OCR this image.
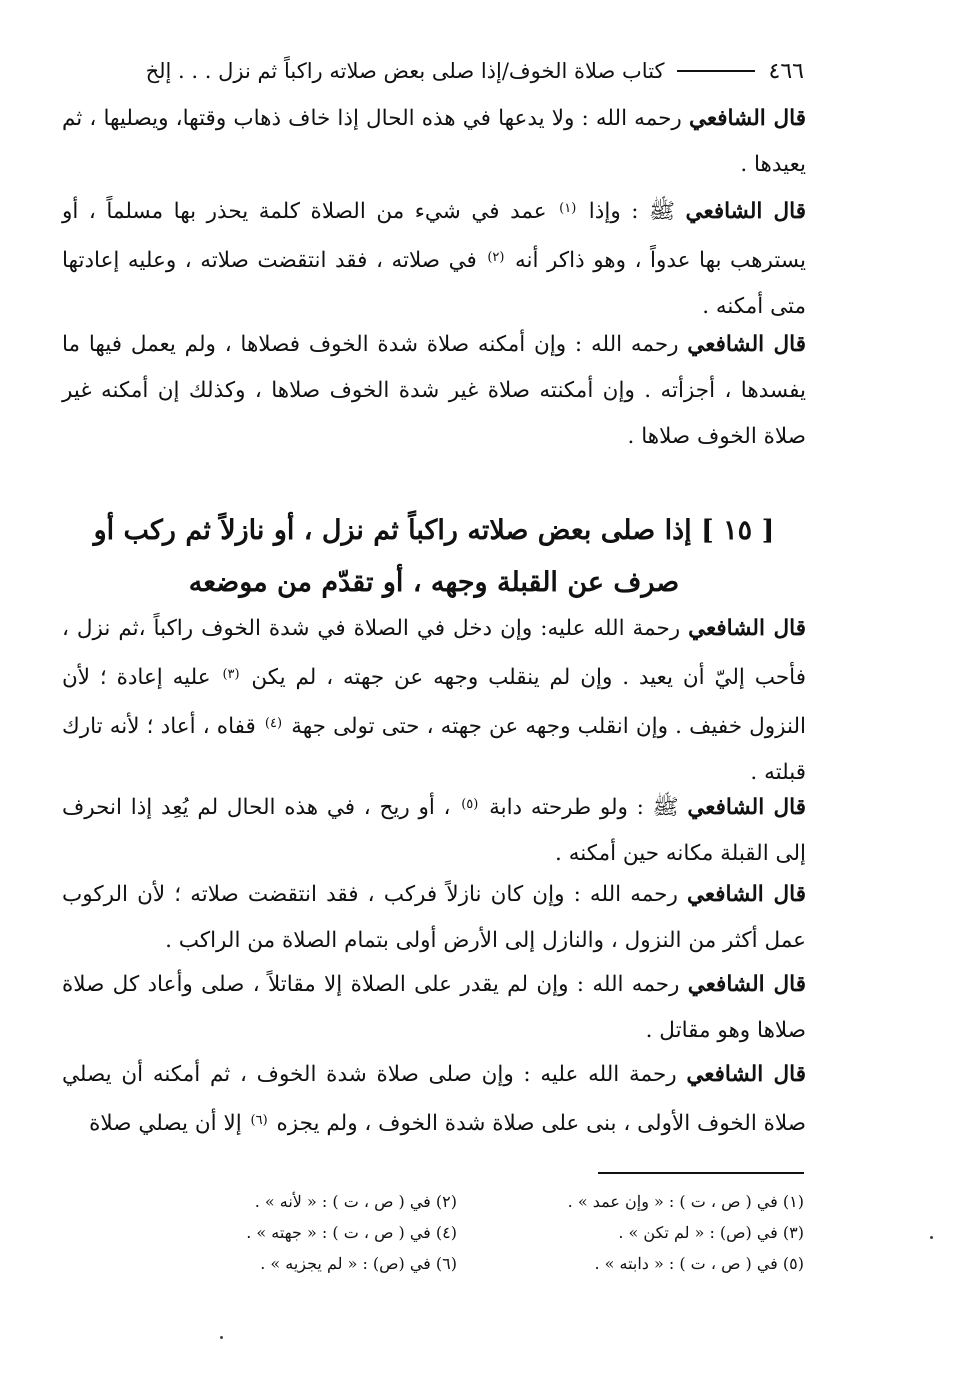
٤٦٦
كتاب صلاة الخوف/إذا صلى بعض صلاته راكباً ثم نزل . . . إلخ
قال الشافعي رحمه الله : ولا يدعها في هذه الحال إذا خاف ذهاب وقتها، ويصليها ، ثم يعيدها .
قال الشافعي ﷺ : وإذا $^{(١)}$ عمد في شيء من الصلاة كلمة يحذر بها مسلماً ، أو يسترهب بها عدواً ، وهو ذاكر أنه $^{(٢)}$ في صلاته ، فقد انتقضت صلاته ، وعليه إعادتها متى أمكنه .
قال الشافعي رحمه الله : وإن أمكنه صلاة شدة الخوف فصلاها ، ولم يعمل فيها ما يفسدها ، أجزأته . وإن أمكنته صلاة غير شدة الخوف صلاها ، وكذلك إن أمكنه غير صلاة الخوف صلاها .
[ ١٥ ] إذا صلى بعض صلاته راكباً ثم نزل ، أو نازلاً ثم ركب أو صرف عن القبلة وجهه ، أو تقدّم من موضعه
قال الشافعي رحمة الله عليه: وإن دخل في الصلاة في شدة الخوف راكباً ،ثم نزل ، فأحب إليّ أن يعيد . وإن لم ينقلب وجهه عن جهته ، لم يكن $^{(٣)}$ عليه إعادة ؛ لأن النزول خفيف . وإن انقلب وجهه عن جهته ، حتى تولى جهة $^{(٤)}$ قفاه ، أعاد ؛ لأنه تارك قبلته .
قال الشافعي ﷺ : ولو طرحته دابة $^{(٥)}$ ، أو ريح ، في هذه الحال لم يُعِد إذا انحرف إلى القبلة مكانه حين أمكنه .
قال الشافعي رحمه الله : وإن كان نازلاً فركب ، فقد انتقضت صلاته ؛ لأن الركوب عمل أكثر من النزول ، والنازل إلى الأرض أولى بتمام الصلاة من الراكب .
قال الشافعي رحمه الله : وإن لم يقدر على الصلاة إلا مقاتلاً ، صلى وأعاد كل صلاة صلاها وهو مقاتل .
قال الشافعي رحمة الله عليه : وإن صلى صلاة شدة الخوف ، ثم أمكنه أن يصلي صلاة الخوف الأولى ، بنى على صلاة شدة الخوف ، ولم يجزه $^{(٦)}$ إلا أن يصلي صلاة
(١) في ( ص ، ت ) : « وإن عمد » .
(٢) في ( ص ، ت ) : « لأنه » .
(٣) في (ص) : « لم تكن » .
(٤) في ( ص ، ت ) : « جهته » .
(٥) في ( ص ، ت ) : « دابته » .
(٦) في (ص) : « لم يجزيه » .
